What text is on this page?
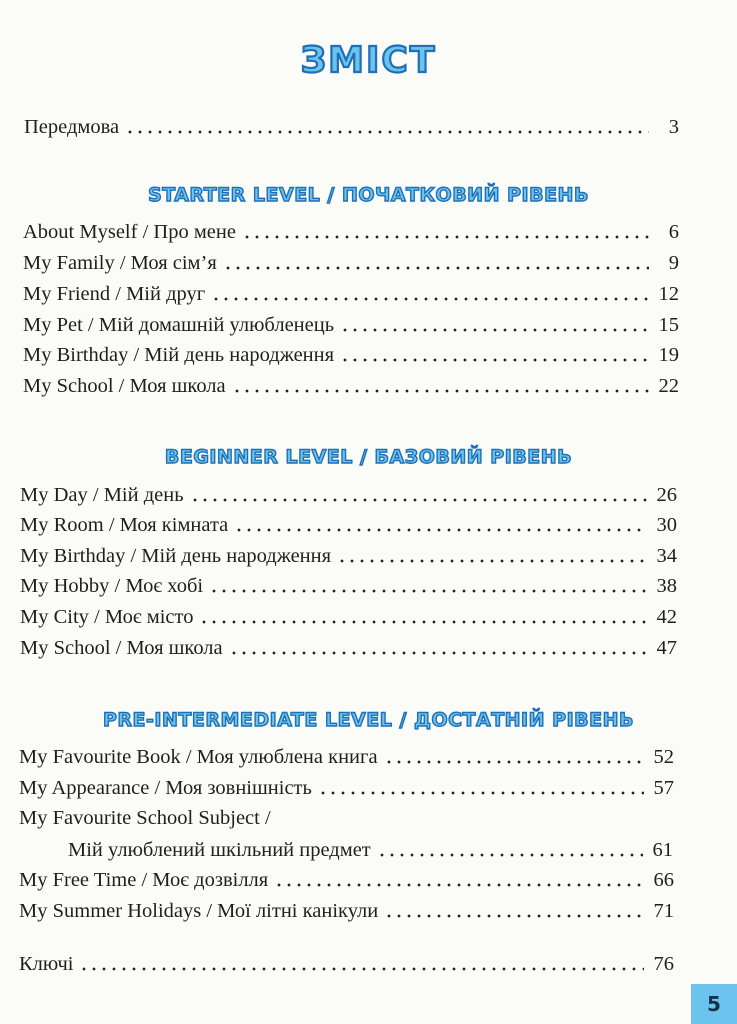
ЗМІСТ
Передмова	3
STARTER LEVEL / ПОЧАТКОВИЙ РІВЕНЬ
About Myself / Про мене	6
My Family / Моя сім’я	9
My Friend / Мій друг	12
My Pet / Мій домашній улюбленець	15
My Birthday / Мій день народження	19
My School / Моя школа	22
BEGINNER LEVEL / БАЗОВИЙ РІВЕНЬ
My Day / Мій день	26
My Room / Моя кімната	30
My Birthday / Мій день народження	34
My Hobby / Моє хобі	38
My City / Моє місто	42
My School / Моя школа	47
PRE-INTERMEDIATE LEVEL / ДОСТАТНІЙ РІВЕНЬ
My Favourite Book / Моя улюблена книга	52
My Appearance / Моя зовнішність	57
My Favourite School Subject /
Мій улюблений шкільний предмет	61
My Free Time / Моє дозвілля	66
My Summer Holidays / Мої літні канікули	71
Ключі	76
5
